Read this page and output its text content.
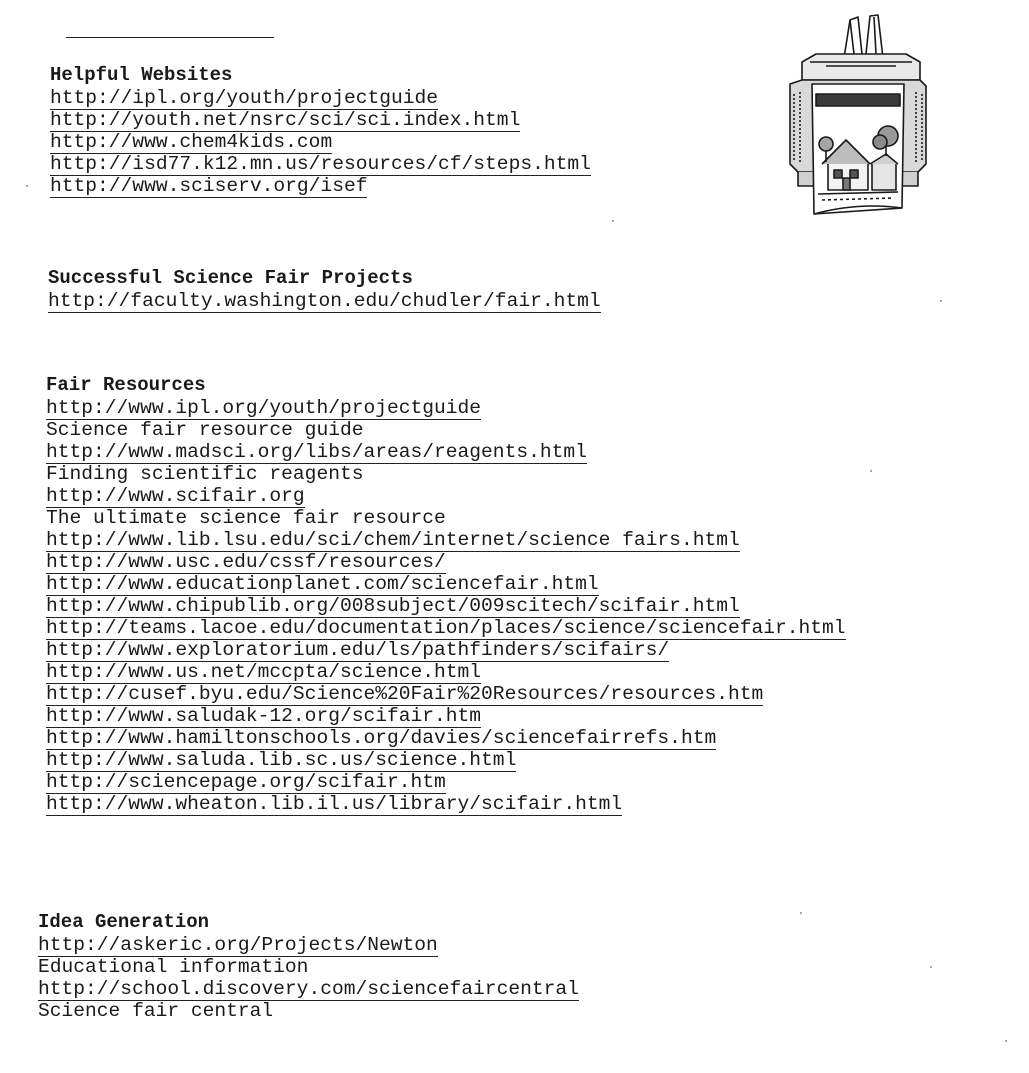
Helpful Websites
http://ipl.org/youth/projectguide
http://youth.net/nsrc/sci/sci.index.html
http://www.chem4kids.com
http://isd77.k12.mn.us/resources/cf/steps.html
http://www.sciserv.org/isef
Successful Science Fair Projects
http://faculty.washington.edu/chudler/fair.html
Fair Resources
http://www.ipl.org/youth/projectguide
Science fair resource guide
http://www.madsci.org/libs/areas/reagents.html
Finding scientific reagents
http://www.scifair.org
The ultimate science fair resource
http://www.lib.lsu.edu/sci/chem/internet/science fairs.html
http://www.usc.edu/cssf/resources/
http://www.educationplanet.com/sciencefair.html
http://www.chipublib.org/008subject/009scitech/scifair.html
http://teams.lacoe.edu/documentation/places/science/sciencefair.html
http://www.exploratorium.edu/ls/pathfinders/scifairs/
http://www.us.net/mccpta/science.html
http://cusef.byu.edu/Science%20Fair%20Resources/resources.htm
http://www.saludak-12.org/scifair.htm
http://www.hamiltonschools.org/davies/sciencefairrefs.htm
http://www.saluda.lib.sc.us/science.html
http://sciencepage.org/scifair.htm
http://www.wheaton.lib.il.us/library/scifair.html
Idea Generation
http://askeric.org/Projects/Newton
Educational information
http://school.discovery.com/sciencefaircentral
Science fair central
